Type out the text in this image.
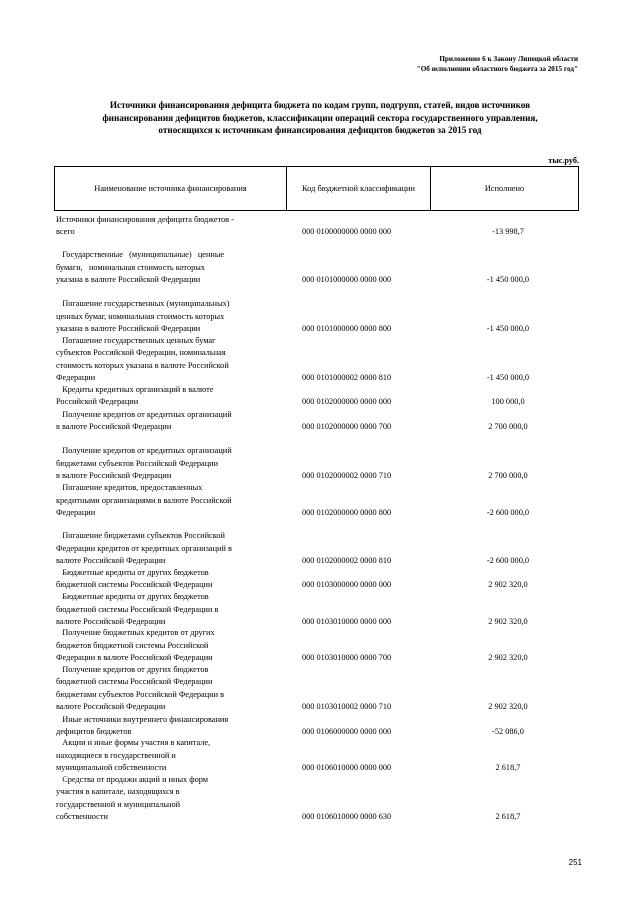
Приложение 6 к Закону Липецкой области
"Об исполнении областного бюджета за 2015 год"
Источники финансирования дефицита бюджета по кодам групп, подгрупп, статей, видов источников
финансирования дефицитов бюджетов, классификации операций сектора государственного управления,
относящихся к источникам финансирования дефицитов бюджетов за 2015 год
тыс.руб.
Наименование источника финансирования	Код бюджетной классификации	Исполнено
Источники финансирования дефицита бюджетов -
всего	000 0100000000 0000 000	-13 998,7
Государственные   (муниципальные)   ценные
бумаги,   номинальная стоимость которых
указана в валюте Российской Федерации	000 0101000000 0000 000	-1 450 000,0
Погашение государственных (муниципальных)
ценных бумаг, номинальная стоимость которых
указана в валюте Российской Федерации	000 0101000000 0000 800	-1 450 000,0
Погашение государственных ценных бумаг
субъектов Российской Федерации, номинальная
стоимость которых указана в валюте Российской
Федерации	000 0101000002 0000 810	-1 450 000,0
Кредиты кредитных организаций в валюте
Российской Федерации	000 0102000000 0000 000	100 000,0
Получение кредитов от кредитных организаций
в валюте Российской Федерации	000 0102000000 0000 700	2 700 000,0
Получение кредитов от кредитных организаций
бюджетами субъектов Российской Федерации
в валюте Российской Федерации	000 0102000002 0000 710	2 700 000,0
Погашение кредитов, предоставленных
кредитными организациями в валюте Российской
Федерации	000 0102000000 0000 800	-2 600 000,0
Погашение бюджетами субъектов Российской
Федерации кредитов от кредитных организаций в
валюте Российской Федерации	000 0102000002 0000 810	-2 600 000,0
Бюджетные кредиты от других бюджетов
бюджетной системы Российской Федерации	000 0103000000 0000 000	2 902 320,0
Бюджетные кредиты от других бюджетов
бюджетной системы Российской Федерации в
валюте Российской Федерации	000 0103010000 0000 000	2 902 320,0
Получение бюджетных кредитов от других
бюджетов бюджетной системы Российской
Федерации в валюте Российской Федерации	000 0103010000 0000 700	2 902 320,0
Получение кредитов от других бюджетов
бюджетной системы Российской Федерации
бюджетами субъектов Российской Федерации в
валюте Российской Федерации	000 0103010002 0000 710	2 902 320,0
Иные источники внутреннего финансирования
дефицитов бюджетов	000 0106000000 0000 000	-52 086,0
Акции и иные формы участия в капитале,
находящиеся в государственной и
муниципальной собственности	000 0106010000 0000 000	2 618,7
Средства от продажи акций и иных форм
участия в капитале, находящихся в
государственной и муниципальной
собственности	000 0106010000 0000 630	2 618,7
251
